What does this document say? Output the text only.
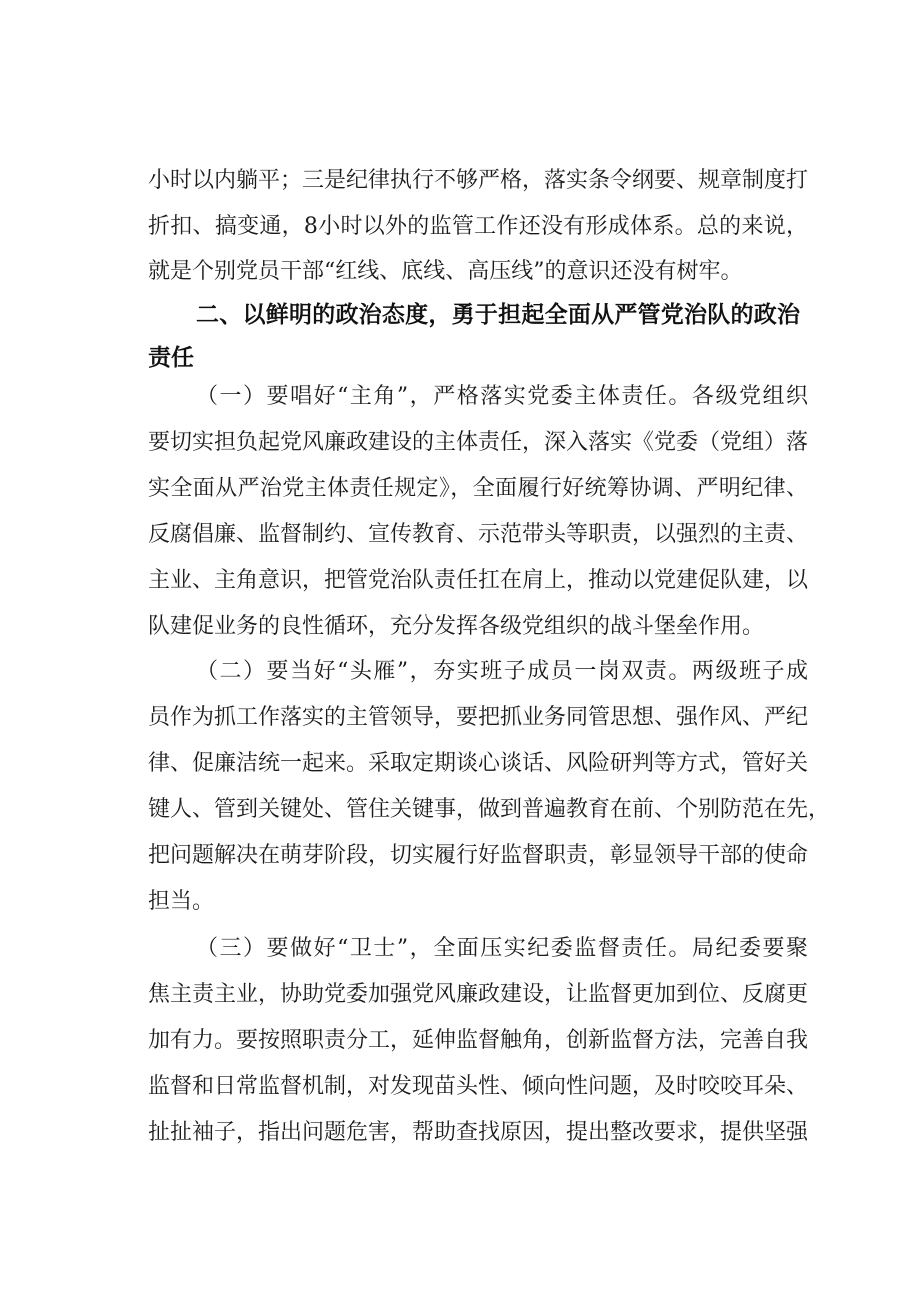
小时以内躺平；三是纪律执行不够严格，落实条令纲要、规章制度打
折扣、搞变通，8小时以外的监管工作还没有形成体系。总的来说，
就是个别党员干部“红线、底线、高压线”的意识还没有树牢。
二、以鲜明的政治态度，勇于担起全面从严管党治队的政治
责任
（一）要唱好“主角”，严格落实党委主体责任。各级党组织
要切实担负起党风廉政建设的主体责任，深入落实《党委（党组）落
实全面从严治党主体责任规定》，全面履行好统筹协调、严明纪律、
反腐倡廉、监督制约、宣传教育、示范带头等职责，以强烈的主责、
主业、主角意识，把管党治队责任扛在肩上，推动以党建促队建，以
队建促业务的良性循环，充分发挥各级党组织的战斗堡垒作用。
（二）要当好“头雁”，夯实班子成员一岗双责。两级班子成
员作为抓工作落实的主管领导，要把抓业务同管思想、强作风、严纪
律、促廉洁统一起来。采取定期谈心谈话、风险研判等方式，管好关
键人、管到关键处、管住关键事，做到普遍教育在前、个别防范在先，
把问题解决在萌芽阶段，切实履行好监督职责，彰显领导干部的使命
担当。
（三）要做好“卫士”，全面压实纪委监督责任。局纪委要聚
焦主责主业，协助党委加强党风廉政建设，让监督更加到位、反腐更
加有力。要按照职责分工，延伸监督触角，创新监督方法，完善自我
监督和日常监督机制，对发现苗头性、倾向性问题，及时咬咬耳朵、
扯扯袖子，指出问题危害，帮助查找原因，提出整改要求，提供坚强
